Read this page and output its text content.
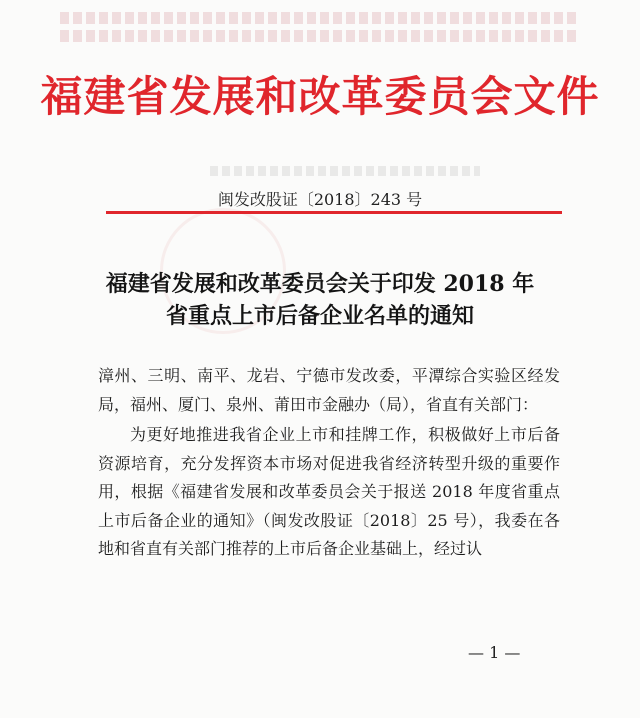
福建省发展和改革委员会文件
闽发改股证〔2018〕243 号
福建省发展和改革委员会关于印发 2018 年
省重点上市后备企业名单的通知

漳州、三明、南平、龙岩、宁德市发改委，平潭综合实验区经发局，福州、厦门、泉州、莆田市金融办（局），省直有关部门：

为更好地推进我省企业上市和挂牌工作，积极做好上市后备资源培育，充分发挥资本市场对促进我省经济转型升级的重要作用，根据《福建省发展和改革委员会关于报送 2018 年度省重点上市后备企业的通知》（闽发改股证〔2018〕25 号），我委在各地和省直有关部门推荐的上市后备企业基础上，经过认

— 1 —
